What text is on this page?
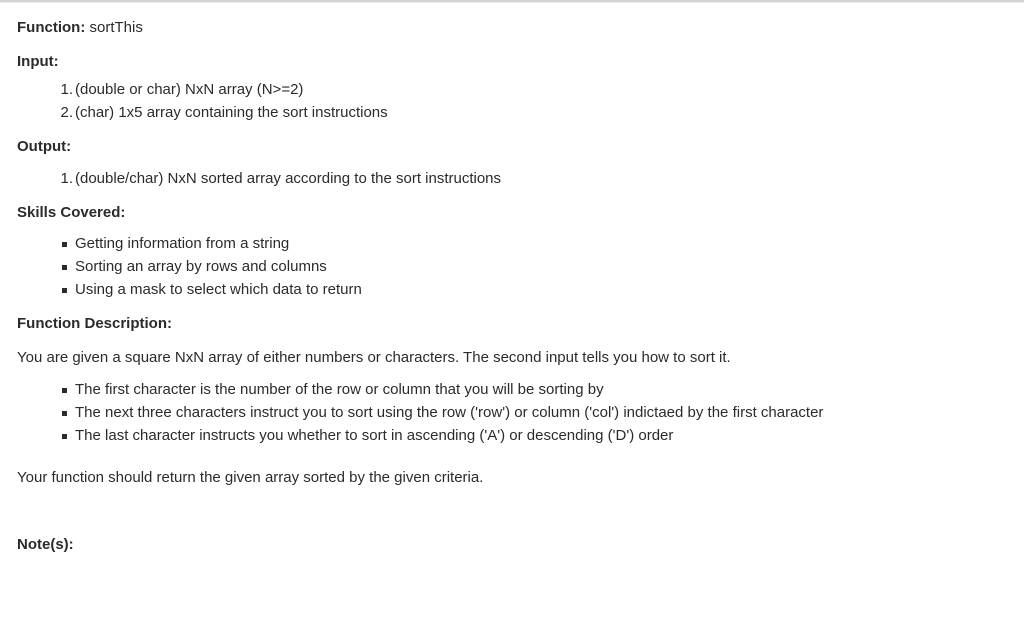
Function: sortThis
Input:
1. (double or char) NxN array (N>=2)
2. (char) 1x5 array containing the sort instructions
Output:
1. (double/char) NxN sorted array according to the sort instructions
Skills Covered:
Getting information from a string
Sorting an array by rows and columns
Using a mask to select which data to return
Function Description:
You are given a square NxN array of either numbers or characters. The second input tells you how to sort it.
The first character is the number of the row or column that you will be sorting by
The next three characters instruct you to sort using the row ('row') or column ('col') indictaed by the first character
The last character instructs you whether to sort in ascending ('A') or descending ('D') order
Your function should return the given array sorted by the given criteria.
Note(s):
